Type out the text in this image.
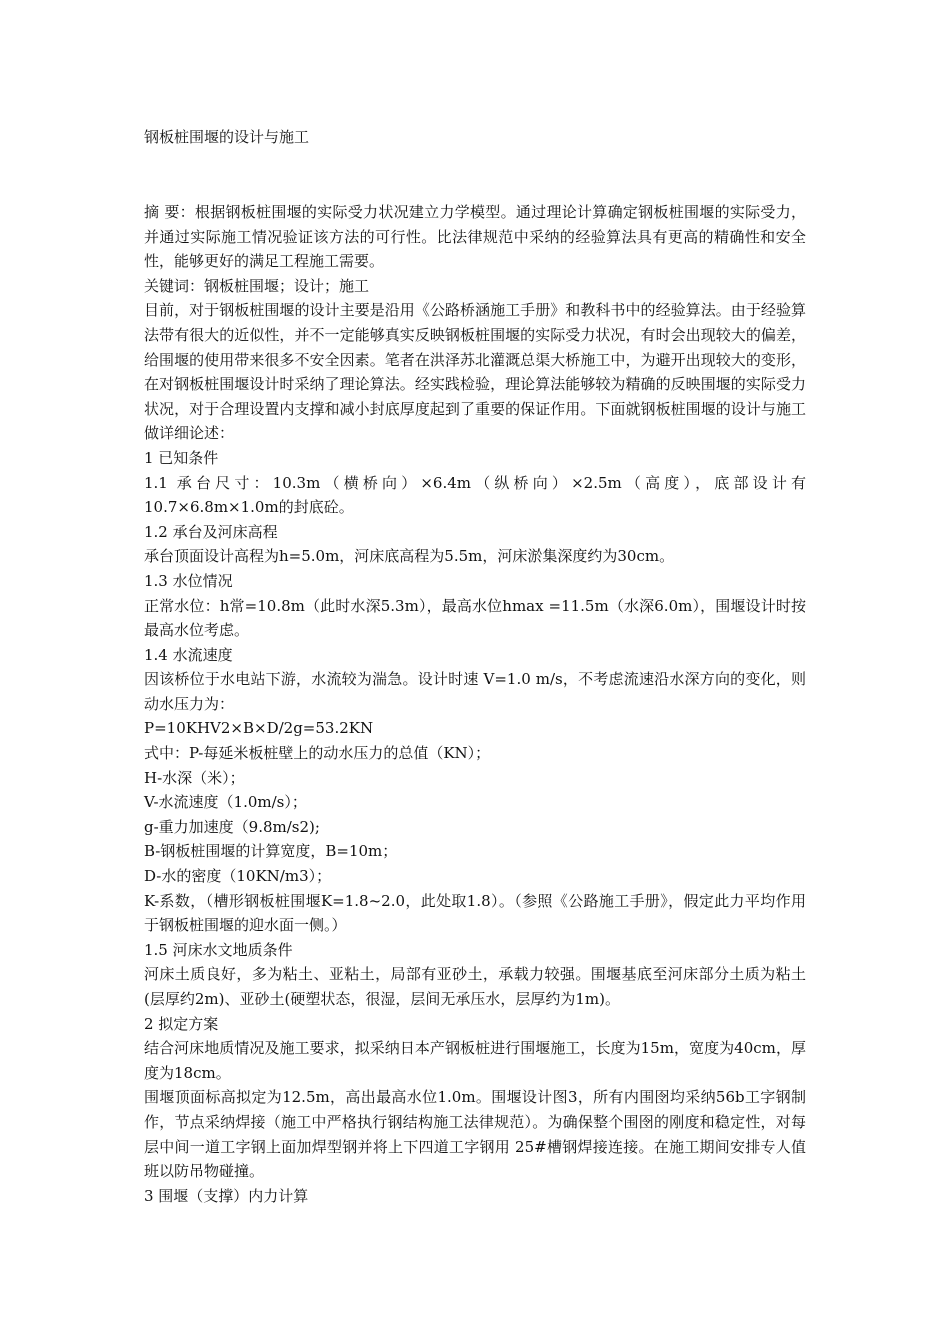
钢板桩围堰的设计与施工

摘 要：根据钢板桩围堰的实际受力状况建立力学模型。通过理论计算确定钢板桩围堰的实际受力，并通过实际施工情况验证该方法的可行性。比法律规范中采纳的经验算法具有更高的精确性和安全性，能够更好的满足工程施工需要。

关键词：钢板桩围堰；设计；施工

目前，对于钢板桩围堰的设计主要是沿用《公路桥涵施工手册》和教科书中的经验算法。由于经验算法带有很大的近似性，并不一定能够真实反映钢板桩围堰的实际受力状况，有时会出现较大的偏差，给围堰的使用带来很多不安全因素。笔者在洪泽苏北灌溉总渠大桥施工中，为避开出现较大的变形，在对钢板桩围堰设计时采纳了理论算法。经实践检验，理论算法能够较为精确的反映围堰的实际受力状况，对于合理设置内支撑和减小封底厚度起到了重要的保证作用。下面就钢板桩围堰的设计与施工做详细论述：

1 已知条件

1.1 承台尺寸：10.3m（横桥向）×6.4m（纵桥向）×2.5m（高度），底部设计有10.7×6.8m×1.0m的封底砼。

1.2 承台及河床高程

承台顶面设计高程为h=5.0m，河床底高程为5.5m，河床淤集深度约为30cm。

1.3 水位情况

正常水位：h常=10.8m（此时水深5.3m），最高水位hmax =11.5m（水深6.0m），围堰设计时按最高水位考虑。

1.4 水流速度

因该桥位于水电站下游，水流较为湍急。设计时速 V=1.0 m/s，不考虑流速沿水深方向的变化，则动水压力为：

P=10KHV2×B×D/2g=53.2KN

式中：P-每延米板桩壁上的动水压力的总值（KN）；

H-水深（米）；

V-水流速度（1.0m/s）；

g-重力加速度（9.8m/s2);

B-钢板桩围堰的计算宽度，B=10m；

D-水的密度（10KN/m3）；

K-系数，（槽形钢板桩围堰K=1.8~2.0，此处取1.8）。（参照《公路施工手册》，假定此力平均作用于钢板桩围堰的迎水面一侧。）

1.5 河床水文地质条件

河床土质良好，多为粘土、亚粘土，局部有亚砂土，承载力较强。围堰基底至河床部分土质为粘土(层厚约2m)、亚砂土(硬塑状态，很湿，层间无承压水，层厚约为1m)。

2 拟定方案

结合河床地质情况及施工要求，拟采纳日本产钢板桩进行围堰施工，长度为15m，宽度为40cm，厚度为18cm。

围堰顶面标高拟定为12.5m，高出最高水位1.0m。围堰设计图3，所有内围囹均采纳56b工字钢制作，节点采纳焊接（施工中严格执行钢结构施工法律规范）。为确保整个围囹的刚度和稳定性，对每层中间一道工字钢上面加焊型钢并将上下四道工字钢用 25#槽钢焊接连接。在施工期间安排专人值班以防吊物碰撞。

3 围堰（支撑）内力计算
